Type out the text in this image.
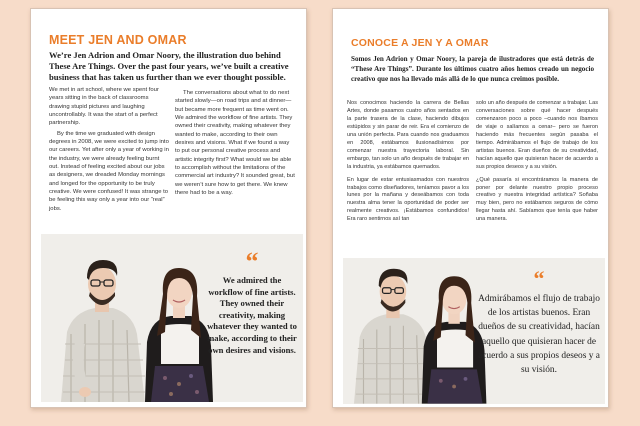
MEET JEN AND OMAR

We’re Jen Adrion and Omar Noory, the illustration duo behind These Are Things. Over the past four years, we’ve built a creative business that has taken us further than we ever thought possible.

We met in art school, where we spent four years sitting in the back of classrooms drawing stupid pictures and laughing uncontrollably. It was the start of a perfect partnership.

By the time we graduated with design degrees in 2008, we were excited to jump into our careers. Yet after only a year of working in the industry, we were already feeling burnt out. Instead of feeling excited about our jobs as designers, we dreaded Monday mornings and longed for the opportunity to be truly creative. We were confused! It was strange to be feeling this way only a year into our “real” jobs.

The conversations about what to do next started slowly—on road trips and at dinner—but became more frequent as time went on. We admired the workflow of fine artists. They owned their creativity, making whatever they wanted to make, according to their own desires and visions. What if we found a way to put our personal creative process and artistic integrity first? What would we be able to accomplish without the limitations of the commercial art industry? It sounded great, but we weren’t sure how to get there. We knew there had to be a way.

“

We admired the workflow of fine artists. They owned their creativity, making whatever they wanted to make, according to their own desires and visions.

CONOCE A JEN Y A OMAR

Somos Jen Adrion y Omar Noory, la pareja de ilustradores que está detrás de “These Are Things”. Durante los últimos cuatro años hemos creado un negocio creativo que nos ha llevado más allá de lo que nunca creimos posible.

Nos conocimos haciendo la carrera de Bellas Artes, donde pasamos cuatro años sentados en la parte trasera de la clase, haciendo dibujos estúpidos y sin parar de reir. Era el comienzo de una unión perfecta. Para cuando nos graduamos en 2008, estábamos ilusionadísimos por comenzar nuestra trayectoria laboral. Sin embargo, tan solo un año después de trabajar en la industria, ya estábamos quemados.

En lugar de estar entusiasmados con nuestros trabajos como diseñadores, teníamos pavor a los lunes por la mañana y deseábamos con toda nuestra alma tener la oportunidad de poder ser realmente creativos. ¡Estábamos confundidos! Era raro sentirnos así tan

solo un año después de comenzar a trabajar. Las conversaciones sobre qué hacer después comenzaron poco a poco –cuando nos íbamos de viaje o salíamos a cenar– pero se fueron haciendo más frecuentes según pasaba el tiempo. Admirábamos el flujo de trabajo de los artistas buenos. Eran dueños de su creatividad, hacían aquello que quisieran hacer de acuerdo a sus propios deseos y a su visión.

¿Qué pasaría si encontráramos la manera de poner por delante nuestro propio proceso creativo y nuestra integridad artística? Soñaba muy bien, pero no estábamos seguros de cómo llegar hasta ahí. Sabíamos que tenía que haber una manera.

“

Admirábamos el flujo de trabajo de los artistas buenos. Eran dueños de su creatividad, hacían aquello que quisieran hacer de acuerdo a sus propios deseos y a su visión.
